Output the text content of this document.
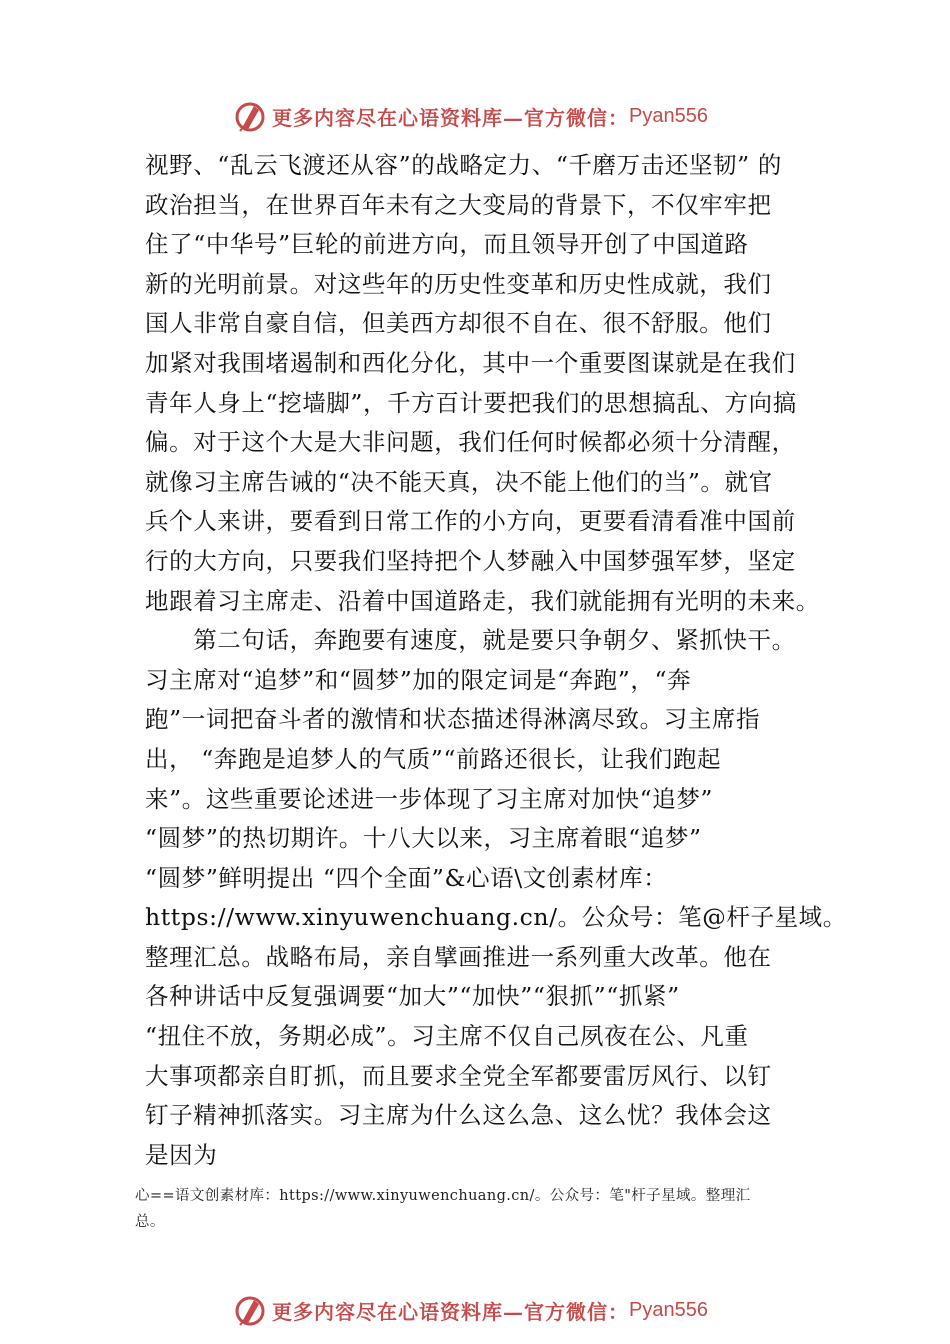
更多内容尽在心语资料库—官方微信： Pyan556
视野、“乱云飞渡还从容”的战略定力、“千磨万击还坚韧” 的
政治担当，在世界百年未有之大变局的背景下，不仅牢牢把
住了“中华号”巨轮的前进方向，而且领导开创了中国道路
新的光明前景。对这些年的历史性变革和历史性成就，我们
国人非常自豪自信，但美西方却很不自在、很不舒服。他们
加紧对我围堵遏制和西化分化，其中一个重要图谋就是在我们
青年人身上“挖墙脚”，千方百计要把我们的思想搞乱、方向搞
偏。对于这个大是大非问题，我们任何时候都必须十分清醒，
就像习主席告诫的“决不能天真，决不能上他们的当”。就官
兵个人来讲，要看到日常工作的小方向，更要看清看准中国前
行的大方向，只要我们坚持把个人梦融入中国梦强军梦，坚定
地跟着习主席走、沿着中国道路走，我们就能拥有光明的未来。
　　第二句话，奔跑要有速度，就是要只争朝夕、紧抓快干。
习主席对“追梦”和“圆梦”加的限定词是“奔跑”，“奔
跑”一词把奋斗者的激情和状态描述得淋漓尽致。习主席指
出， “奔跑是追梦人的气质”“前路还很长，让我们跑起
来”。这些重要论述进一步体现了习主席对加快“追梦”
“圆梦”的热切期许。十八大以来，习主席着眼“追梦”
“圆梦”鲜明提出 “四个全面”&心语\文创素材库：
https://www.xinyuwenchuang.cn/。公众号：笔@杆子星域。
整理汇总。战略布局，亲自擘画推进一系列重大改革。他在
各种讲话中反复强调要“加大”“加快”“狠抓”“抓紧”
“扭住不放，务期必成”。习主席不仅自己夙夜在公、凡重
大事项都亲自盯抓，而且要求全党全军都要雷厉风行、以钉
钉子精神抓落实。习主席为什么这么急、这么忧？我体会这
是因为
心==语文创素材库：https://www.xinyuwenchuang.cn/。公众号：笔"杆子星域。整理汇
总。
更多内容尽在心语资料库—官方微信： Pyan556
